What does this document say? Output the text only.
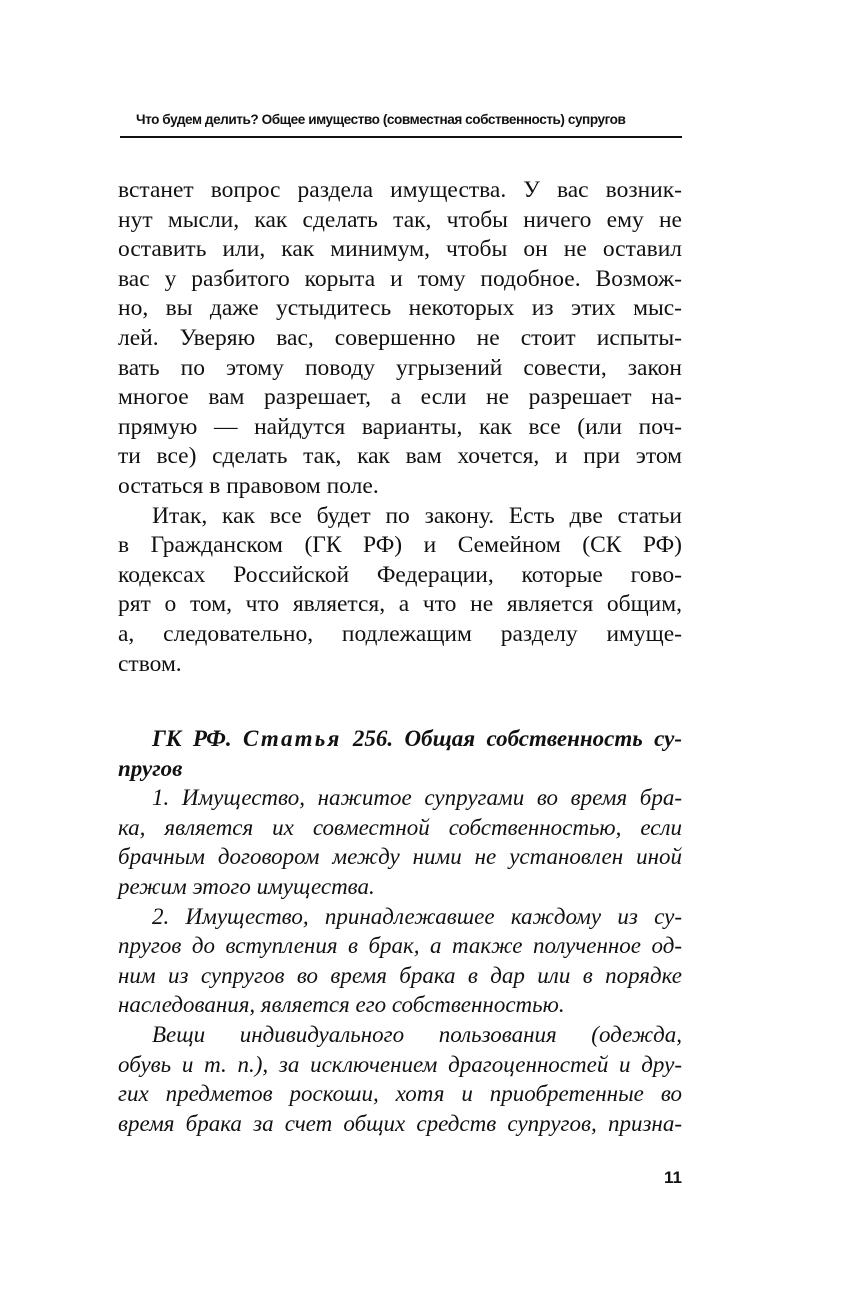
Что будем делить? Общее имущество (совместная собственность) супругов
встанет вопрос раздела имущества. У вас возник-
нут мысли, как сделать так, чтобы ничего ему не
оставить или, как минимум, чтобы он не оставил
вас у разбитого корыта и тому подобное. Возмож-
но, вы даже устыдитесь некоторых из этих мыс-
лей. Уверяю вас, совершенно не стоит испыты-
вать по этому поводу угрызений совести, закон
многое вам разрешает, а если не разрешает на-
прямую — найдутся варианты, как все (или поч-
ти все) сделать так, как вам хочется, и при этом
остаться в правовом поле.
Итак, как все будет по закону. Есть две статьи
в Гражданском (ГК РФ) и Семейном (СК РФ)
кодексах Российской Федерации, которые гово-
рят о том, что является, а что не является общим,
а, следовательно, подлежащим разделу имуще-
ством.
ГК РФ. Статья 256. Общая собственность су-
пругов
1. Имущество, нажитое супругами во время бра-
ка, является их совместной собственностью, если
брачным договором между ними не установлен иной
режим этого имущества.
2. Имущество, принадлежавшее каждому из су-
пругов до вступления в брак, а также полученное од-
ним из супругов во время брака в дар или в порядке
наследования, является его собственностью.
Вещи индивидуального пользования (одежда,
обувь и т. п.), за исключением драгоценностей и дру-
гих предметов роскоши, хотя и приобретенные во
время брака за счет общих средств супругов, призна-
11
